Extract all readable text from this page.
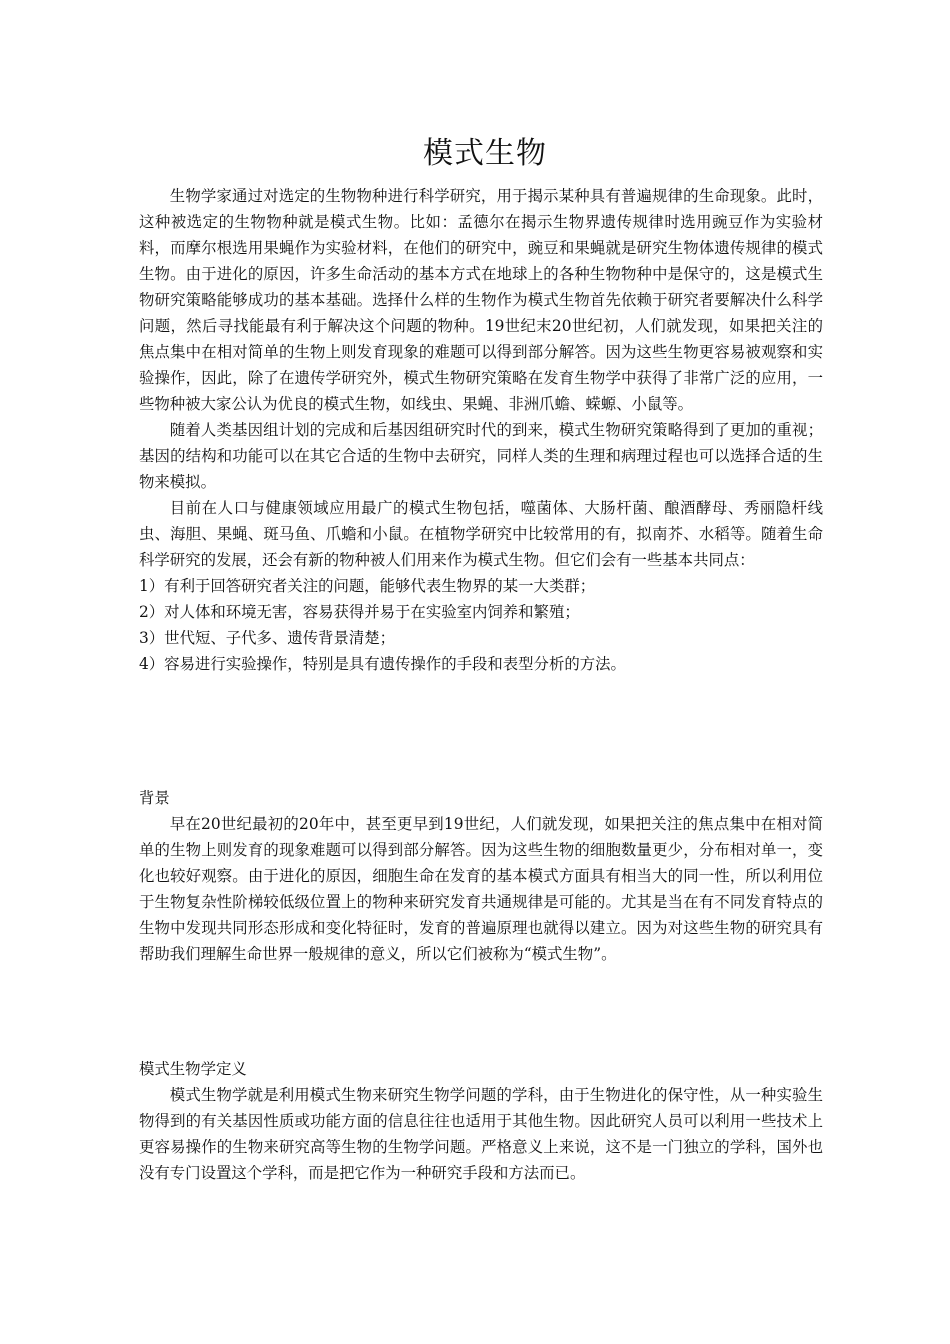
模式生物

生物学家通过对选定的生物物种进行科学研究，用于揭示某种具有普遍规律的生命现象。此时，这种被选定的生物物种就是模式生物。比如：孟德尔在揭示生物界遗传规律时选用豌豆作为实验材料，而摩尔根选用果蝇作为实验材料，在他们的研究中，豌豆和果蝇就是研究生物体遗传规律的模式生物。由于进化的原因，许多生命活动的基本方式在地球上的各种生物物种中是保守的，这是模式生物研究策略能够成功的基本基础。选择什么样的生物作为模式生物首先依赖于研究者要解决什么科学问题，然后寻找能最有利于解决这个问题的物种。19世纪末20世纪初，人们就发现，如果把关注的焦点集中在相对简单的生物上则发育现象的难题可以得到部分解答。因为这些生物更容易被观察和实验操作，因此，除了在遗传学研究外，模式生物研究策略在发育生物学中获得了非常广泛的应用，一些物种被大家公认为优良的模式生物，如线虫、果蝇、非洲爪蟾、蝾螈、小鼠等。

随着人类基因组计划的完成和后基因组研究时代的到来，模式生物研究策略得到了更加的重视；基因的结构和功能可以在其它合适的生物中去研究，同样人类的生理和病理过程也可以选择合适的生物来模拟。

目前在人口与健康领域应用最广的模式生物包括，噬菌体、大肠杆菌、酿酒酵母、秀丽隐杆线虫、海胆、果蝇、斑马鱼、爪蟾和小鼠。在植物学研究中比较常用的有，拟南芥、水稻等。随着生命科学研究的发展，还会有新的物种被人们用来作为模式生物。但它们会有一些基本共同点：

1）有利于回答研究者关注的问题，能够代表生物界的某一大类群；

2）对人体和环境无害，容易获得并易于在实验室内饲养和繁殖；

3）世代短、子代多、遗传背景清楚；

4）容易进行实验操作，特别是具有遗传操作的手段和表型分析的方法。

背景

早在20世纪最初的20年中，甚至更早到19世纪，人们就发现，如果把关注的焦点集中在相对简单的生物上则发育的现象难题可以得到部分解答。因为这些生物的细胞数量更少，分布相对单一，变化也较好观察。由于进化的原因，细胞生命在发育的基本模式方面具有相当大的同一性，所以利用位于生物复杂性阶梯较低级位置上的物种来研究发育共通规律是可能的。尤其是当在有不同发育特点的生物中发现共同形态形成和变化特征时，发育的普遍原理也就得以建立。因为对这些生物的研究具有帮助我们理解生命世界一般规律的意义，所以它们被称为“模式生物”。

模式生物学定义

模式生物学就是利用模式生物来研究生物学问题的学科，由于生物进化的保守性，从一种实验生物得到的有关基因性质或功能方面的信息往往也适用于其他生物。因此研究人员可以利用一些技术上更容易操作的生物来研究高等生物的生物学问题。严格意义上来说，这不是一门独立的学科，国外也没有专门设置这个学科，而是把它作为一种研究手段和方法而已。
